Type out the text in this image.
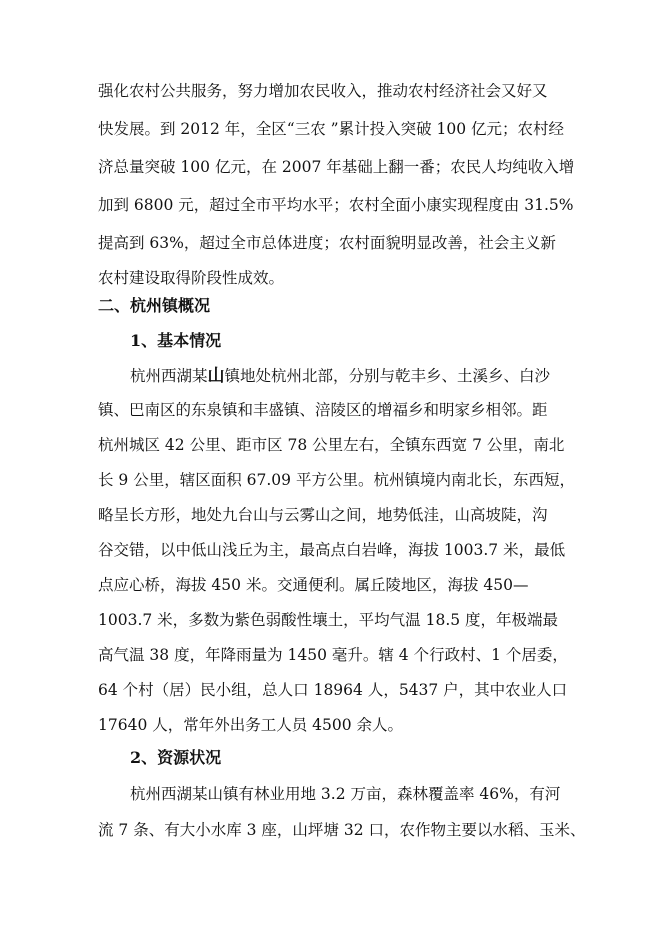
强化农村公共服务，努力增加农民收入，推动农村经济社会又好又
快发展。到 2012 年，全区“三农 ”累计投入突破 100 亿元；农村经
济总量突破 100 亿元，在 2007 年基础上翻一番；农民人均纯收入增
加到 6800 元，超过全市平均水平；农村全面小康实现程度由 31.5%
提高到 63%，超过全市总体进度；农村面貌明显改善，社会主义新
农村建设取得阶段性成效。
二、杭州镇概况
1、基本情况
杭州西湖某山镇地处杭州北部，分别与乾丰乡、土溪乡、白沙
镇、巴南区的东泉镇和丰盛镇、涪陵区的增福乡和明家乡相邻。距
杭州城区 42 公里、距市区 78 公里左右，全镇东西宽 7 公里，南北
长 9 公里，辖区面积 67.09 平方公里。杭州镇境内南北长，东西短，
略呈长方形，地处九台山与云雾山之间，地势低洼，山高坡陡，沟
谷交错，以中低山浅丘为主，最高点白岩峰，海拔 1003.7 米，最低
点应心桥，海拔 450 米。交通便利。属丘陵地区，海拔 450—
1003.7 米，多数为紫色弱酸性壤土，平均气温 18.5 度，年极端最
高气温 38 度，年降雨量为 1450 毫升。辖 4 个行政村、1 个居委，
64 个村（居）民小组，总人口 18964 人，5437 户，其中农业人口
17640 人，常年外出务工人员 4500 余人。
2、资源状况
杭州西湖某山镇有林业用地 3.2 万亩，森林覆盖率 46%，有河
流 7 条、有大小水库 3 座，山坪塘 32 口，农作物主要以水稻、玉米、
